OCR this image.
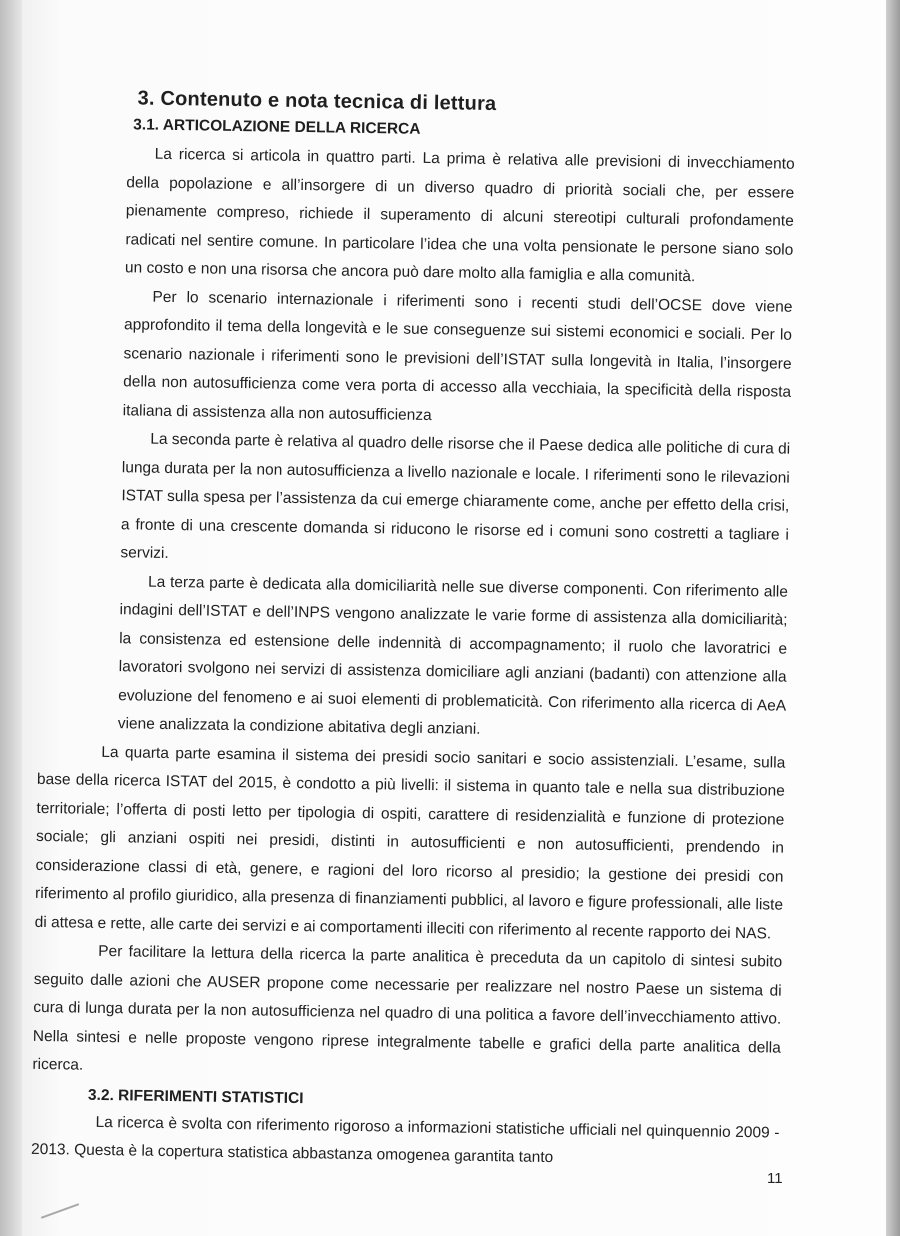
3. Contenuto e nota tecnica di lettura
3.1. ARTICOLAZIONE DELLA RICERCA

La ricerca si articola in quattro parti. La prima è relativa alle previsioni di invecchiamento della popolazione e all’insorgere di un diverso quadro di priorità sociali che, per essere pienamente compreso, richiede il superamento di alcuni stereotipi culturali profondamente radicati nel sentire comune. In particolare l’idea che una volta pensionate le persone siano solo un costo e non una risorsa che ancora può dare molto alla famiglia e alla comunità.

Per lo scenario internazionale i riferimenti sono i recenti studi dell’OCSE dove viene approfondito il tema della longevità e le sue conseguenze sui sistemi economici e sociali. Per lo scenario nazionale i riferimenti sono le previsioni dell’ISTAT sulla longevità in Italia, l’insorgere della non autosufficienza come vera porta di accesso alla vecchiaia, la specificità della risposta italiana di assistenza alla non autosufficienza

La seconda parte è relativa al quadro delle risorse che il Paese dedica alle politiche di cura di lunga durata per la non autosufficienza a livello nazionale e locale. I riferimenti sono le rilevazioni ISTAT sulla spesa per l’assistenza da cui emerge chiaramente come, anche per effetto della crisi, a fronte di una crescente domanda si riducono le risorse ed i comuni sono costretti a tagliare i servizi.

La terza parte è dedicata alla domiciliarità nelle sue diverse componenti. Con riferimento alle indagini dell’ISTAT e dell’INPS vengono analizzate le varie forme di assistenza alla domiciliarità; la consistenza ed estensione delle indennità di accompagnamento; il ruolo che lavoratrici e lavoratori svolgono nei servizi di assistenza domiciliare agli anziani (badanti) con attenzione alla evoluzione del fenomeno e ai suoi elementi di problematicità. Con riferimento alla ricerca di AeA viene analizzata la condizione abitativa degli anziani.

La quarta parte esamina il sistema dei presidi socio sanitari e socio assistenziali. L’esame, sulla base della ricerca ISTAT del 2015, è condotto a più livelli: il sistema in quanto tale e nella sua distribuzione territoriale; l’offerta di posti letto per tipologia di ospiti, carattere di residenzialità e funzione di protezione sociale; gli anziani ospiti nei presidi, distinti in autosufficienti e non autosufficienti, prendendo in considerazione classi di età, genere, e ragioni del loro ricorso al presidio; la gestione dei presidi con riferimento al profilo giuridico, alla presenza di finanziamenti pubblici, al lavoro e figure professionali, alle liste di attesa e rette, alle carte dei servizi e ai comportamenti illeciti con riferimento al recente rapporto dei NAS.

Per facilitare la lettura della ricerca la parte analitica è preceduta da un capitolo di sintesi subito seguito dalle azioni che AUSER propone come necessarie per realizzare nel nostro Paese un sistema di cura di lunga durata per la non autosufficienza nel quadro di una politica a favore dell’invecchiamento attivo. Nella sintesi e nelle proposte vengono riprese integralmente tabelle e grafici della parte analitica della ricerca.

3.2. RIFERIMENTI STATISTICI

La ricerca è svolta con riferimento rigoroso a informazioni statistiche ufficiali nel quinquennio 2009 - 2013. Questa è la copertura statistica abbastanza omogenea garantita tanto

11
